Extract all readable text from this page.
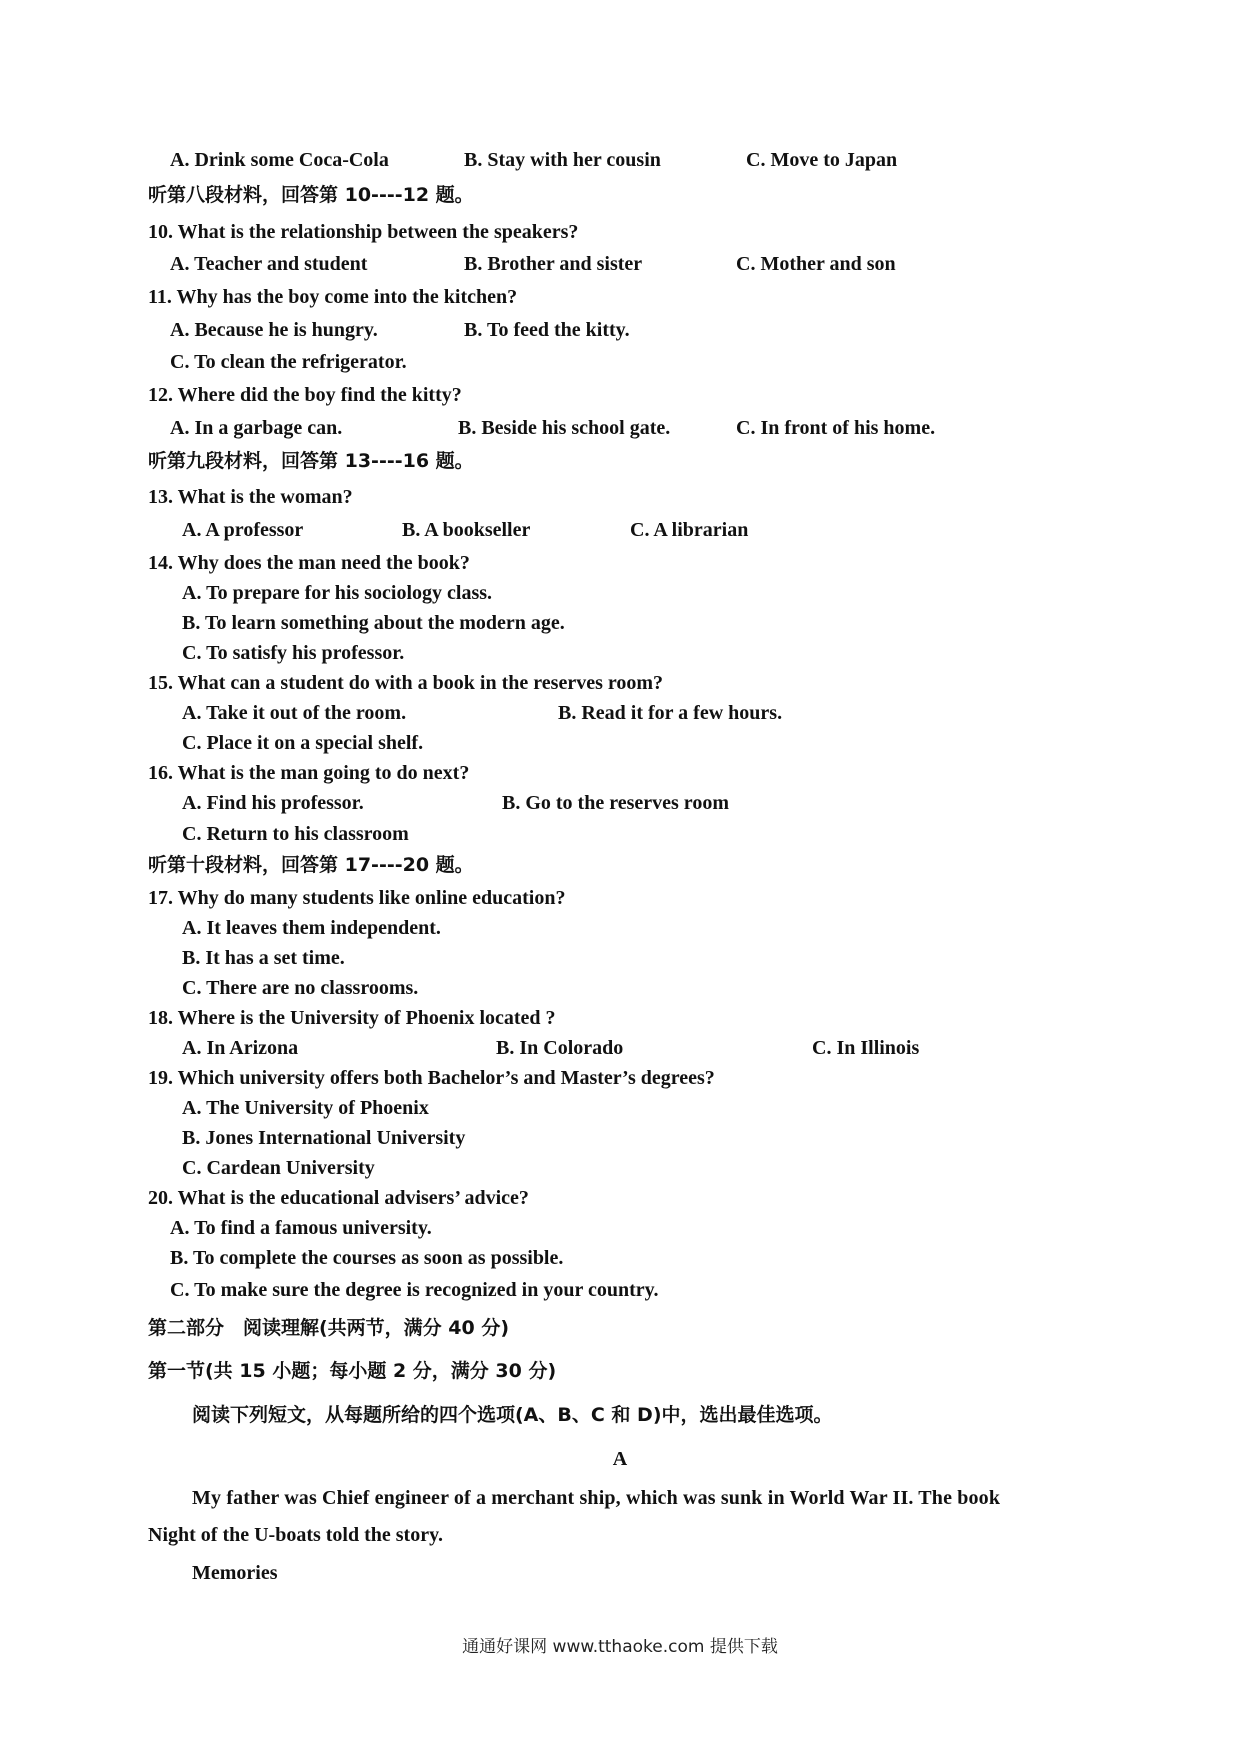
A. Drink some Coca-Cola	B. Stay with her cousin	C. Move to Japan
听第八段材料，回答第 10----12 题。
10. What is the relationship between the speakers?
A. Teacher and student	B. Brother and sister	C. Mother and son
11. Why has the boy come into the kitchen?
A. Because he is hungry.	B. To feed the kitty.
C. To clean the refrigerator.
12. Where did the boy find the kitty?
A. In a garbage can.	B. Beside his school gate.	C. In front of his home.
听第九段材料，回答第 13----16 题。
13. What is the woman?
A. A professor	B. A bookseller	C. A librarian
14. Why does the man need the book?
A. To prepare for his sociology class.
B. To learn something about the modern age.
C. To satisfy his professor.
15. What can a student do with a book in the reserves room?
A. Take it out of the room.	B. Read it for a few hours.
C. Place it on a special shelf.
16. What is the man going to do next?
A. Find his professor.	B. Go to the reserves room
C. Return to his classroom
听第十段材料，回答第 17----20 题。
17. Why do many students like online education?
A. It leaves them independent.
B. It has a set time.
C. There are no classrooms.
18. Where is the University of Phoenix located ?
A. In Arizona	B. In Colorado	C. In Illinois
19. Which university offers both Bachelor’s and Master’s degrees?
A. The University of Phoenix
B. Jones International University
C. Cardean University
20. What is the educational advisers’ advice?
A. To find a famous university.
B. To complete the courses as soon as possible.
C. To make sure the degree is recognized in your country.
第二部分　阅读理解(共两节，满分 40 分)
第一节(共 15 小题；每小题 2 分，满分 30 分)
阅读下列短文，从每题所给的四个选项(A、B、C 和 D)中，选出最佳选项。
A
My father was Chief engineer of a merchant ship, which was sunk in World War II. The book
Night of the U-boats told the story.
Memories
通通好课网 www.tthaoke.com 提供下载
